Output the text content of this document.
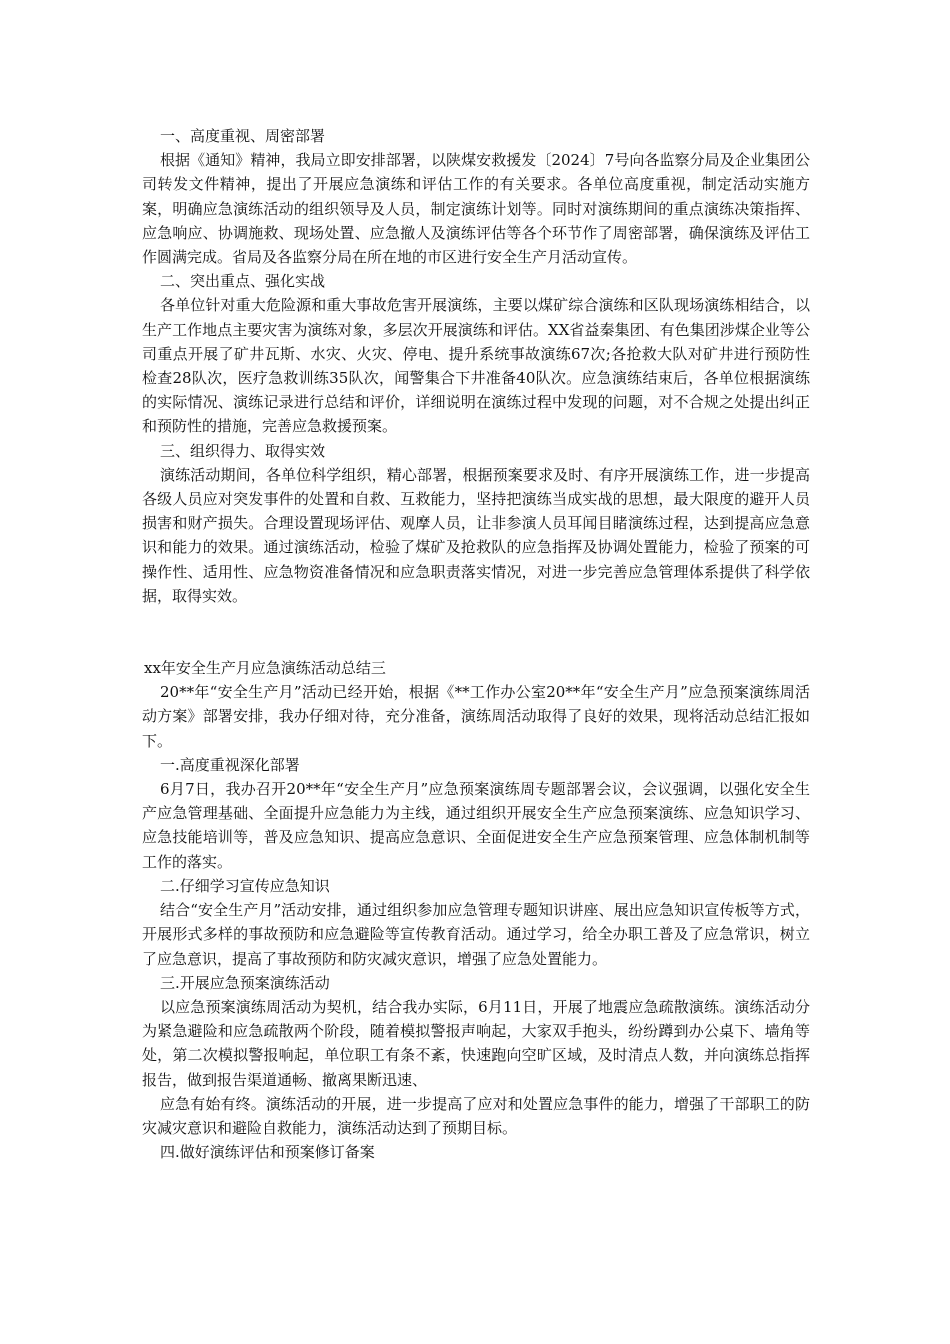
一、高度重视、周密部署

根据《通知》精神，我局立即安排部署，以陕煤安救援发〔2024〕7号向各监察分局及企业集团公司转发文件精神，提出了开展应急演练和评估工作的有关要求。各单位高度重视，制定活动实施方案，明确应急演练活动的组织领导及人员，制定演练计划等。同时对演练期间的重点演练决策指挥、应急响应、协调施救、现场处置、应急撤人及演练评估等各个环节作了周密部署，确保演练及评估工作圆满完成。省局及各监察分局在所在地的市区进行安全生产月活动宣传。

二、突出重点、强化实战

各单位针对重大危险源和重大事故危害开展演练，主要以煤矿综合演练和区队现场演练相结合，以生产工作地点主要灾害为演练对象，多层次开展演练和评估。XX省益秦集团、有色集团涉煤企业等公司重点开展了矿井瓦斯、水灾、火灾、停电、提升系统事故演练67次;各抢救大队对矿井进行预防性检查28队次，医疗急救训练35队次，闻警集合下井准备40队次。应急演练结束后，各单位根据演练的实际情况、演练记录进行总结和评价，详细说明在演练过程中发现的问题，对不合规之处提出纠正和预防性的措施，完善应急救援预案。

三、组织得力、取得实效

演练活动期间，各单位科学组织，精心部署，根据预案要求及时、有序开展演练工作，进一步提高各级人员应对突发事件的处置和自救、互救能力，坚持把演练当成实战的思想，最大限度的避开人员损害和财产损失。合理设置现场评估、观摩人员，让非参演人员耳闻目睹演练过程，达到提高应急意识和能力的效果。通过演练活动，检验了煤矿及抢救队的应急指挥及协调处置能力，检验了预案的可操作性、适用性、应急物资准备情况和应急职责落实情况，对进一步完善应急管理体系提供了科学依据，取得实效。

xx年安全生产月应急演练活动总结三

20**年“安全生产月”活动已经开始，根据《**工作办公室20**年“安全生产月”应急预案演练周活动方案》部署安排，我办仔细对待，充分准备，演练周活动取得了良好的效果，现将活动总结汇报如下。

一.高度重视深化部署

6月7日，我办召开20**年“安全生产月”应急预案演练周专题部署会议，会议强调，以强化安全生产应急管理基础、全面提升应急能力为主线，通过组织开展安全生产应急预案演练、应急知识学习、应急技能培训等，普及应急知识、提高应急意识、全面促进安全生产应急预案管理、应急体制机制等工作的落实。

二.仔细学习宣传应急知识

结合“安全生产月”活动安排，通过组织参加应急管理专题知识讲座、展出应急知识宣传板等方式，开展形式多样的事故预防和应急避险等宣传教育活动。通过学习，给全办职工普及了应急常识，树立了应急意识，提高了事故预防和防灾减灾意识，增强了应急处置能力。

三.开展应急预案演练活动

以应急预案演练周活动为契机，结合我办实际，6月11日，开展了地震应急疏散演练。演练活动分为紧急避险和应急疏散两个阶段，随着模拟警报声响起，大家双手抱头，纷纷蹲到办公桌下、墙角等处，第二次模拟警报响起，单位职工有条不紊，快速跑向空旷区域，及时清点人数，并向演练总指挥报告，做到报告渠道通畅、撤离果断迅速、

应急有始有终。演练活动的开展，进一步提高了应对和处置应急事件的能力，增强了干部职工的防灾减灾意识和避险自救能力，演练活动达到了预期目标。

四.做好演练评估和预案修订备案
